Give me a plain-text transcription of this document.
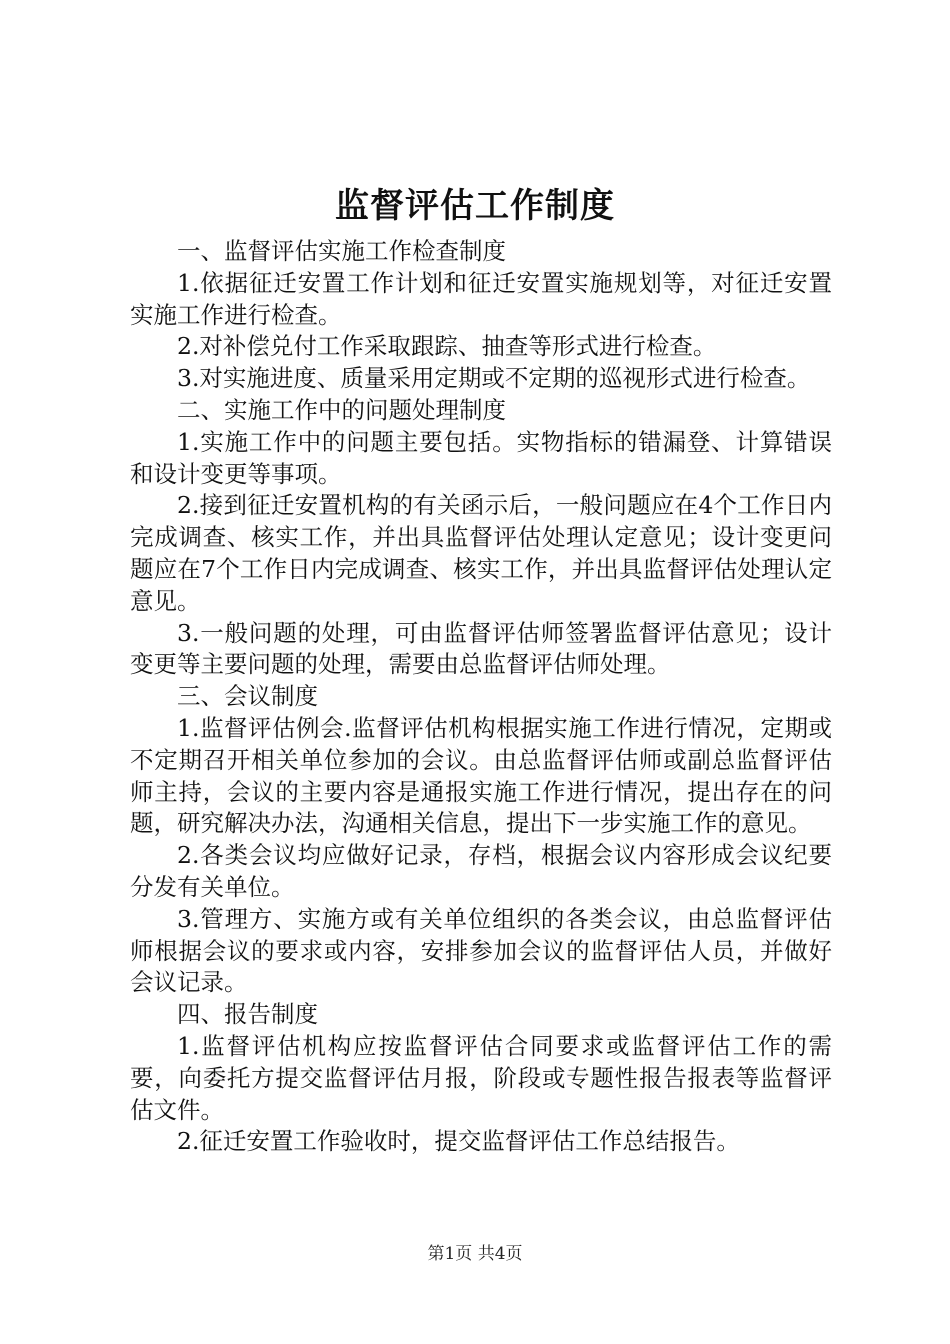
监督评估工作制度

一、监督评估实施工作检查制度

1.依据征迁安置工作计划和征迁安置实施规划等，对征迁安置实施工作进行检查。

2.对补偿兑付工作采取跟踪、抽查等形式进行检查。

3.对实施进度、质量采用定期或不定期的巡视形式进行检查。

二、实施工作中的问题处理制度

1.实施工作中的问题主要包括。实物指标的错漏登、计算错误和设计变更等事项。

2.接到征迁安置机构的有关函示后，一般问题应在4个工作日内完成调查、核实工作，并出具监督评估处理认定意见；设计变更问题应在7个工作日内完成调查、核实工作，并出具监督评估处理认定意见。

3.一般问题的处理，可由监督评估师签署监督评估意见；设计变更等主要问题的处理，需要由总监督评估师处理。

三、会议制度

1.监督评估例会.监督评估机构根据实施工作进行情况，定期或不定期召开相关单位参加的会议。由总监督评估师或副总监督评估师主持，会议的主要内容是通报实施工作进行情况，提出存在的问题，研究解决办法，沟通相关信息，提出下一步实施工作的意见。

2.各类会议均应做好记录，存档，根据会议内容形成会议纪要分发有关单位。

3.管理方、实施方或有关单位组织的各类会议，由总监督评估师根据会议的要求或内容，安排参加会议的监督评估人员，并做好会议记录。

四、报告制度

1.监督评估机构应按监督评估合同要求或监督评估工作的需要，向委托方提交监督评估月报，阶段或专题性报告报表等监督评估文件。

2.征迁安置工作验收时，提交监督评估工作总结报告。

第1页 共4页
